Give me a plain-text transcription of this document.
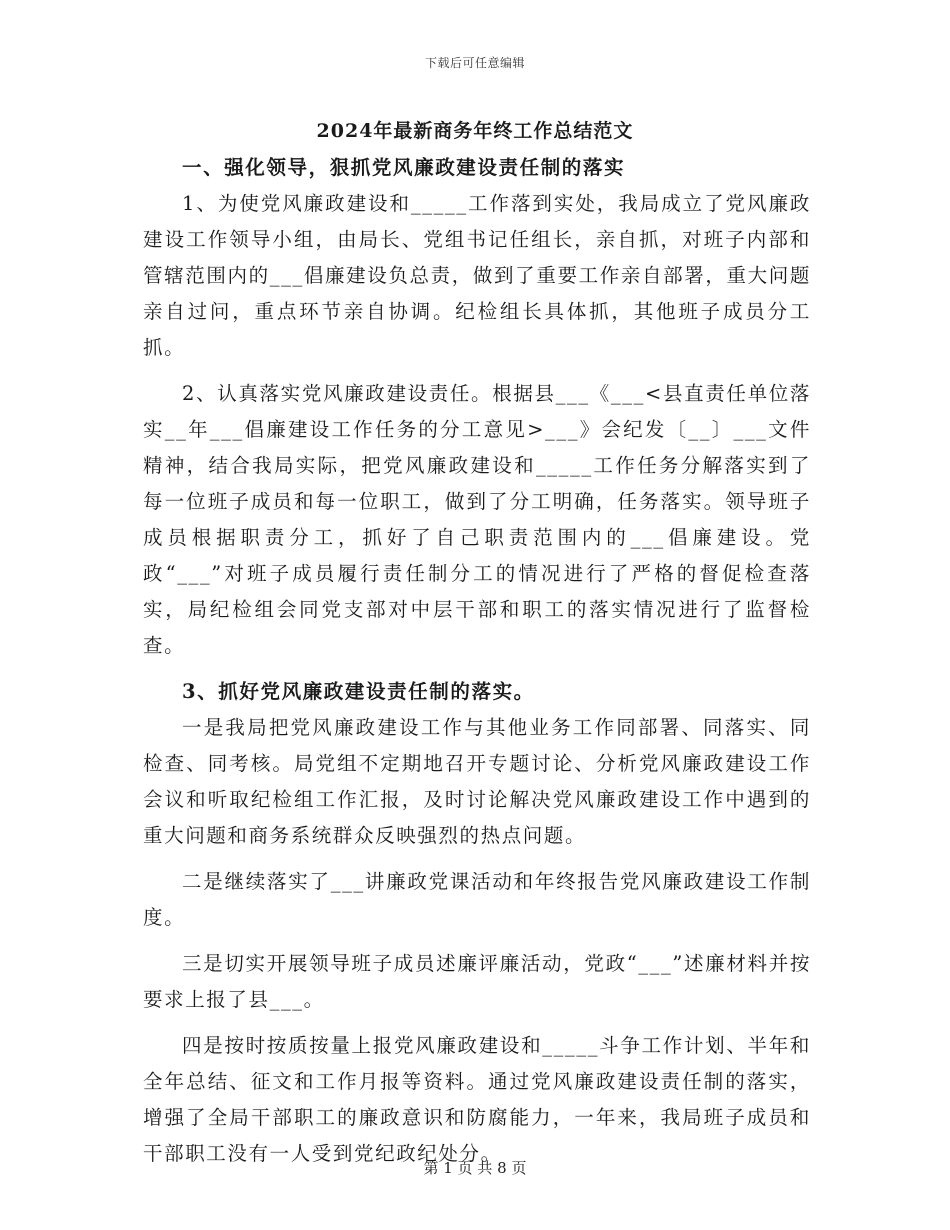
下载后可任意编辑
2024年最新商务年终工作总结范文

一、强化领导，狠抓党风廉政建设责任制的落实

1、为使党风廉政建设和_____工作落到实处，我局成立了党风廉政建设工作领导小组，由局长、党组书记任组长，亲自抓，对班子内部和管辖范围内的___倡廉建设负总责，做到了重要工作亲自部署，重大问题亲自过问，重点环节亲自协调。纪检组长具体抓，其他班子成员分工抓。

2、认真落实党风廉政建设责任。根据县___《___<县直责任单位落实__年___倡廉建设工作任务的分工意见>___》会纪发〔__〕___文件精神，结合我局实际，把党风廉政建设和_____工作任务分解落实到了每一位班子成员和每一位职工，做到了分工明确，任务落实。领导班子成员根据职责分工，抓好了自己职责范围内的___倡廉建设。党政“___”对班子成员履行责任制分工的情况进行了严格的督促检查落实，局纪检组会同党支部对中层干部和职工的落实情况进行了监督检查。

3、抓好党风廉政建设责任制的落实。

一是我局把党风廉政建设工作与其他业务工作同部署、同落实、同检查、同考核。局党组不定期地召开专题讨论、分析党风廉政建设工作会议和听取纪检组工作汇报，及时讨论解决党风廉政建设工作中遇到的重大问题和商务系统群众反映强烈的热点问题。

二是继续落实了___讲廉政党课活动和年终报告党风廉政建设工作制度。

三是切实开展领导班子成员述廉评廉活动，党政“___”述廉材料并按要求上报了县___。

四是按时按质按量上报党风廉政建设和_____斗争工作计划、半年和全年总结、征文和工作月报等资料。通过党风廉政建设责任制的落实，增强了全局干部职工的廉政意识和防腐能力，一年来，我局班子成员和干部职工没有一人受到党纪政纪处分。

第 1 页 共 8 页
